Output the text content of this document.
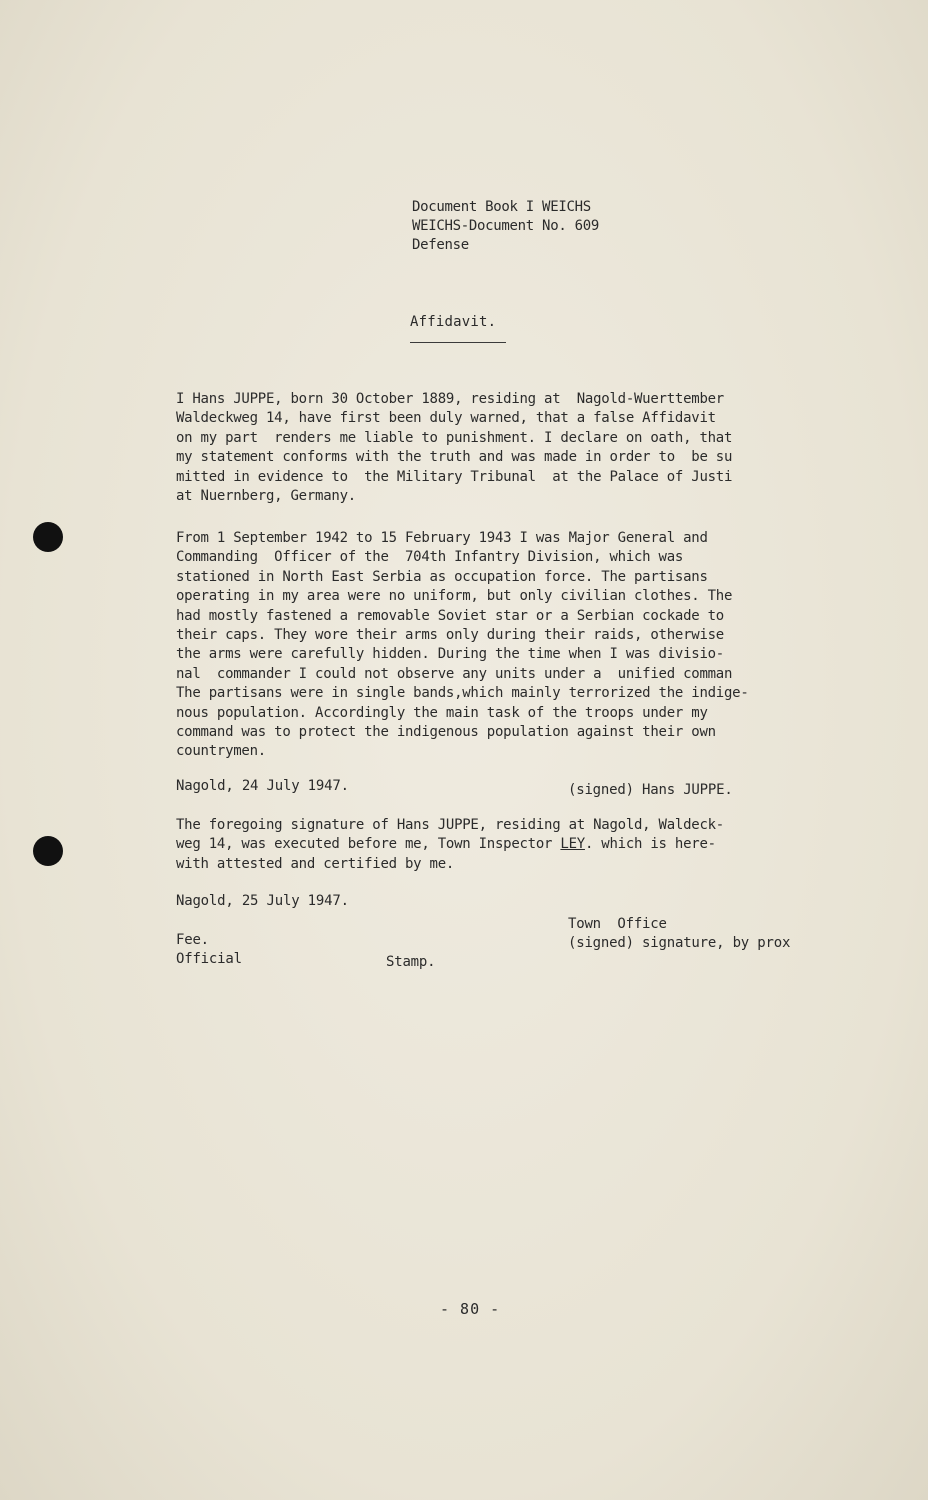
Document Book I WEICHS
WEICHS-Document No. 609
Defense
Affidavit.
I Hans JUPPE, born 30 October 1889, residing at  Nagold-Wuerttember
Waldeckweg 14, have first been duly warned, that a false Affidavit
on my part  renders me liable to punishment. I declare on oath, that
my statement conforms with the truth and was made in order to  be su
mitted in evidence to  the Military Tribunal  at the Palace of Justi
at Nuernberg, Germany.
From 1 September 1942 to 15 February 1943 I was Major General and
Commanding  Officer of the  704th Infantry Division, which was
stationed in North East Serbia as occupation force. The partisans
operating in my area were no uniform, but only civilian clothes. The
had mostly fastened a removable Soviet star or a Serbian cockade to
their caps. They wore their arms only during their raids, otherwise
the arms were carefully hidden. During the time when I was divisio-
nal  commander I could not observe any units under a  unified comman
The partisans were in single bands,which mainly terrorized the indige-
nous population. Accordingly the main task of the troops under my
command was to protect the indigenous population against their own
countrymen.
Nagold, 24 July 1947.	(signed) Hans JUPPE.
The foregoing signature of Hans JUPPE, residing at Nagold, Waldeck-
weg 14, was executed before me, Town Inspector LEY. which is here-
with attested and certified by me.
Nagold, 25 July 1947.
Town  Office
(signed) signature, by prox
Fee.
Official	Stamp.
- 80 -
